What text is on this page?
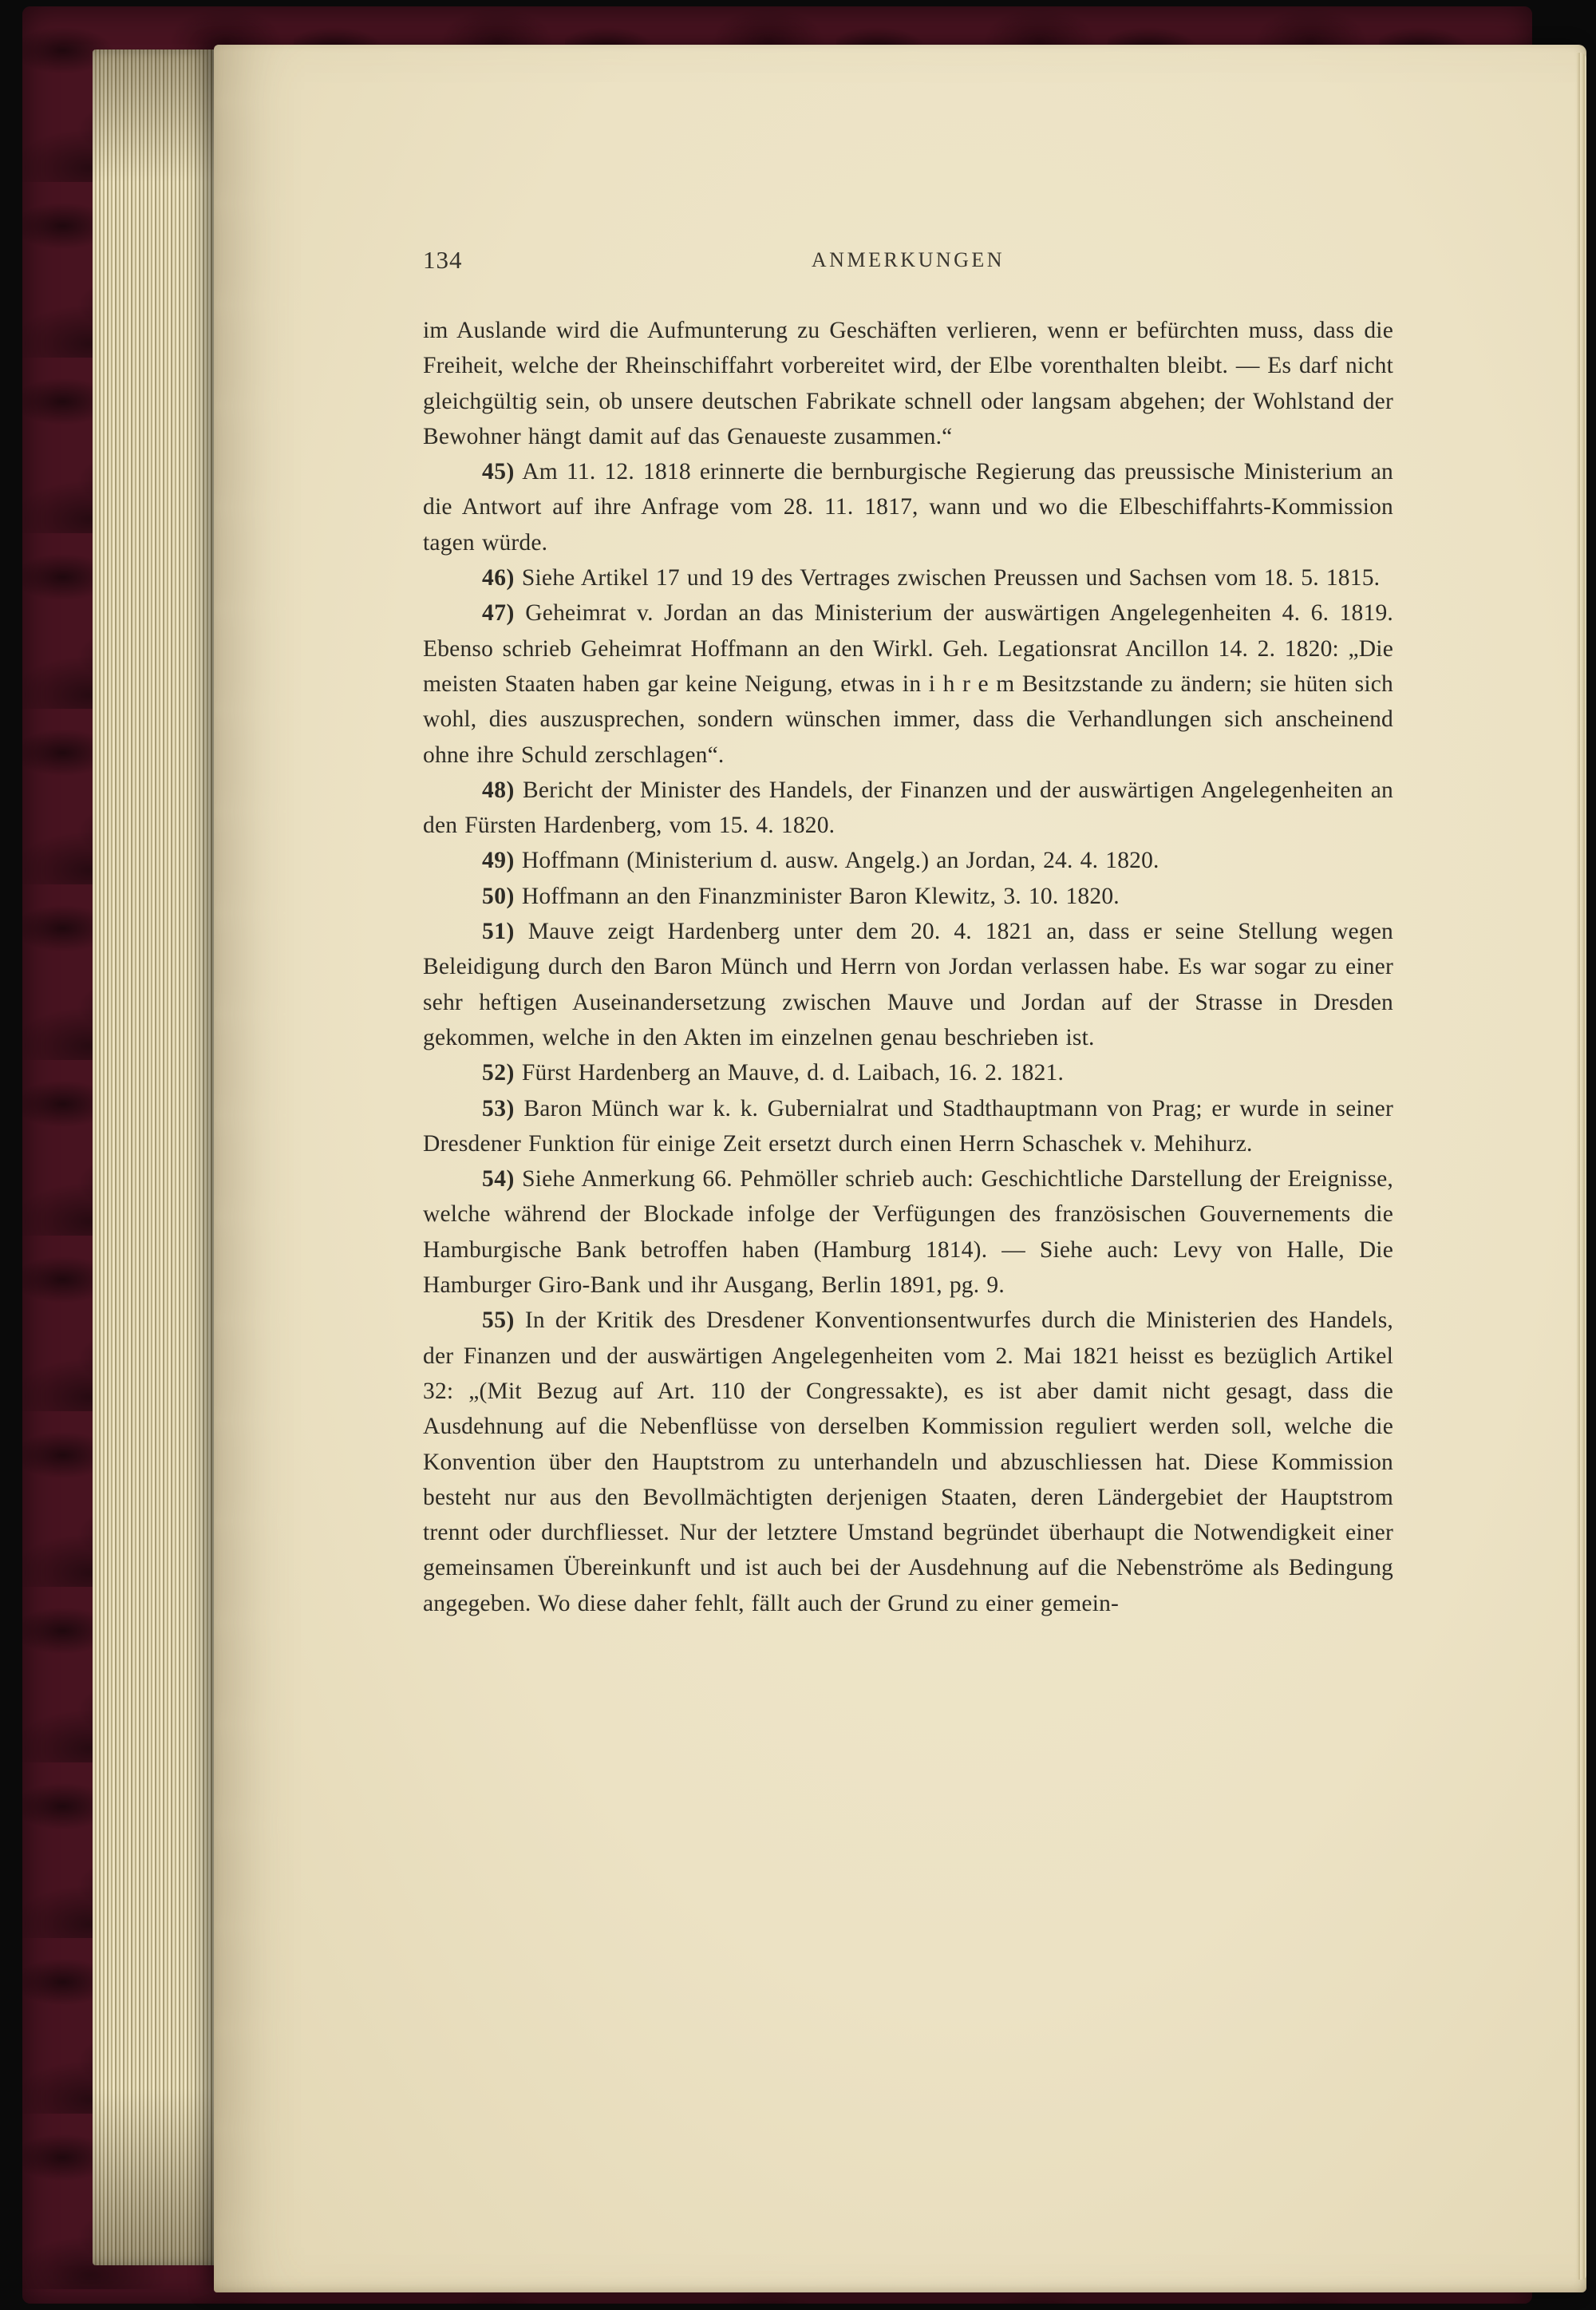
134	ANMERKUNGEN

im Auslande wird die Aufmunterung zu Geschäften verlieren, wenn er befürchten muss, dass die Freiheit, welche der Rheinschiffahrt vorbereitet wird, der Elbe vorenthalten bleibt. — Es darf nicht gleichgültig sein, ob unsere deutschen Fabrikate schnell oder langsam abgehen; der Wohlstand der Bewohner hängt damit auf das Genaueste zusammen.“

45) Am 11. 12. 1818 erinnerte die bernburgische Regierung das preussische Ministerium an die Antwort auf ihre Anfrage vom 28. 11. 1817, wann und wo die Elbeschiffahrts-Kommission tagen würde.

46) Siehe Artikel 17 und 19 des Vertrages zwischen Preussen und Sachsen vom 18. 5. 1815.

47) Geheimrat v. Jordan an das Ministerium der auswärtigen Angelegenheiten 4. 6. 1819. Ebenso schrieb Geheimrat Hoffmann an den Wirkl. Geh. Legationsrat Ancillon 14. 2. 1820: „Die meisten Staaten haben gar keine Neigung, etwas in i h r e m Besitzstande zu ändern; sie hüten sich wohl, dies auszusprechen, sondern wünschen immer, dass die Verhandlungen sich anscheinend ohne ihre Schuld zerschlagen“.

48) Bericht der Minister des Handels, der Finanzen und der auswärtigen Angelegenheiten an den Fürsten Hardenberg, vom 15. 4. 1820.

49) Hoffmann (Ministerium d. ausw. Angelg.) an Jordan, 24. 4. 1820.

50) Hoffmann an den Finanzminister Baron Klewitz, 3. 10. 1820.

51) Mauve zeigt Hardenberg unter dem 20. 4. 1821 an, dass er seine Stellung wegen Beleidigung durch den Baron Münch und Herrn von Jordan verlassen habe. Es war sogar zu einer sehr heftigen Auseinandersetzung zwischen Mauve und Jordan auf der Strasse in Dresden gekommen, welche in den Akten im einzelnen genau beschrieben ist.

52) Fürst Hardenberg an Mauve, d. d. Laibach, 16. 2. 1821.

53) Baron Münch war k. k. Gubernialrat und Stadthauptmann von Prag; er wurde in seiner Dresdener Funktion für einige Zeit ersetzt durch einen Herrn Schaschek v. Mehihurz.

54) Siehe Anmerkung 66. Pehmöller schrieb auch: Geschichtliche Darstellung der Ereignisse, welche während der Blockade infolge der Verfügungen des französischen Gouvernements die Hamburgische Bank betroffen haben (Hamburg 1814). — Siehe auch: Levy von Halle, Die Hamburger Giro-Bank und ihr Ausgang, Berlin 1891, pg. 9.

55) In der Kritik des Dresdener Konventionsentwurfes durch die Ministerien des Handels, der Finanzen und der auswärtigen Angelegenheiten vom 2. Mai 1821 heisst es bezüglich Artikel 32: „(Mit Bezug auf Art. 110 der Congressakte), es ist aber damit nicht gesagt, dass die Ausdehnung auf die Nebenflüsse von derselben Kommission reguliert werden soll, welche die Konvention über den Hauptstrom zu unterhandeln und abzuschliessen hat. Diese Kommission besteht nur aus den Bevollmächtigten derjenigen Staaten, deren Ländergebiet der Hauptstrom trennt oder durchfliesset. Nur der letztere Umstand begründet überhaupt die Notwendigkeit einer gemeinsamen Übereinkunft und ist auch bei der Ausdehnung auf die Nebenströme als Bedingung angegeben. Wo diese daher fehlt, fällt auch der Grund zu einer gemein-
